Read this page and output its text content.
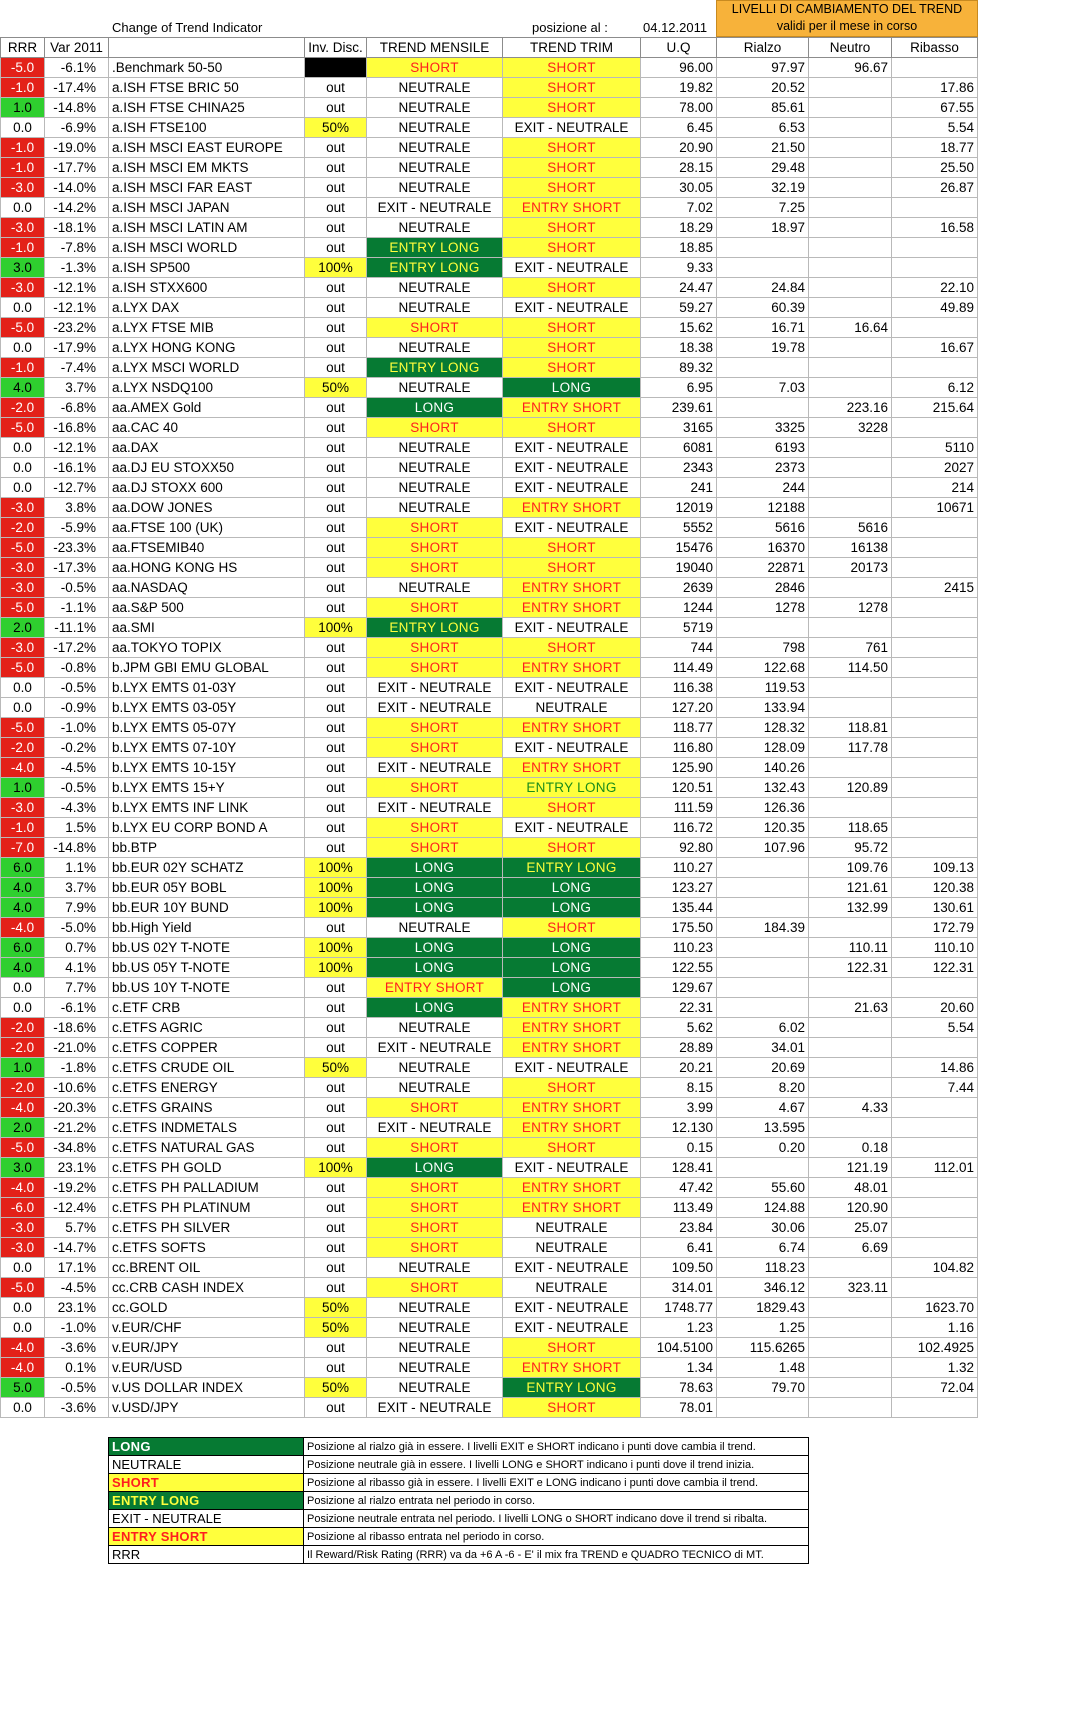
Change of Trend Indicator	posizione al :	04.12.2011
LIVELLI DI CAMBIAMENTO DEL TREND
validi per il mese in corso
RRR	Var 2011		Inv. Disc.	TREND MENSILE	TREND TRIM	U.Q	Rialzo	Neutro	Ribasso
-5.0	-6.1%	.Benchmark 50-50		SHORT	SHORT	96.00	97.97	96.67	
-1.0	-17.4%	a.ISH FTSE BRIC 50	out	NEUTRALE	SHORT	19.82	20.52		17.86
1.0	-14.8%	a.ISH FTSE CHINA25	out	NEUTRALE	SHORT	78.00	85.61		67.55
0.0	-6.9%	a.ISH FTSE100	50%	NEUTRALE	EXIT - NEUTRALE	6.45	6.53		5.54
-1.0	-19.0%	a.ISH MSCI EAST EUROPE	out	NEUTRALE	SHORT	20.90	21.50		18.77
-1.0	-17.7%	a.ISH MSCI EM MKTS	out	NEUTRALE	SHORT	28.15	29.48		25.50
-3.0	-14.0%	a.ISH MSCI FAR EAST	out	NEUTRALE	SHORT	30.05	32.19		26.87
0.0	-14.2%	a.ISH MSCI JAPAN	out	EXIT - NEUTRALE	ENTRY SHORT	7.02	7.25		
-3.0	-18.1%	a.ISH MSCI LATIN AM	out	NEUTRALE	SHORT	18.29	18.97		16.58
-1.0	-7.8%	a.ISH MSCI WORLD	out	ENTRY LONG	SHORT	18.85			
3.0	-1.3%	a.ISH SP500	100%	ENTRY LONG	EXIT - NEUTRALE	9.33			
-3.0	-12.1%	a.ISH STXX600	out	NEUTRALE	SHORT	24.47	24.84		22.10
0.0	-12.1%	a.LYX DAX	out	NEUTRALE	EXIT - NEUTRALE	59.27	60.39		49.89
-5.0	-23.2%	a.LYX FTSE MIB	out	SHORT	SHORT	15.62	16.71	16.64	
0.0	-17.9%	a.LYX HONG KONG	out	NEUTRALE	SHORT	18.38	19.78		16.67
-1.0	-7.4%	a.LYX MSCI WORLD	out	ENTRY LONG	SHORT	89.32			
4.0	3.7%	a.LYX NSDQ100	50%	NEUTRALE	LONG	6.95	7.03		6.12
-2.0	-6.8%	aa.AMEX Gold	out	LONG	ENTRY SHORT	239.61		223.16	215.64
-5.0	-16.8%	aa.CAC 40	out	SHORT	SHORT	3165	3325	3228	
0.0	-12.1%	aa.DAX	out	NEUTRALE	EXIT - NEUTRALE	6081	6193		5110
0.0	-16.1%	aa.DJ EU STOXX50	out	NEUTRALE	EXIT - NEUTRALE	2343	2373		2027
0.0	-12.7%	aa.DJ STOXX 600	out	NEUTRALE	EXIT - NEUTRALE	241	244		214
-3.0	3.8%	aa.DOW JONES	out	NEUTRALE	ENTRY SHORT	12019	12188		10671
-2.0	-5.9%	aa.FTSE 100 (UK)	out	SHORT	EXIT - NEUTRALE	5552	5616	5616	
-5.0	-23.3%	aa.FTSEMIB40	out	SHORT	SHORT	15476	16370	16138	
-3.0	-17.3%	aa.HONG KONG HS	out	SHORT	SHORT	19040	22871	20173	
-3.0	-0.5%	aa.NASDAQ	out	NEUTRALE	ENTRY SHORT	2639	2846		2415
-5.0	-1.1%	aa.S&P 500	out	SHORT	ENTRY SHORT	1244	1278	1278	
2.0	-11.1%	aa.SMI	100%	ENTRY LONG	EXIT - NEUTRALE	5719			
-3.0	-17.2%	aa.TOKYO TOPIX	out	SHORT	SHORT	744	798	761	
-5.0	-0.8%	b.JPM GBI EMU GLOBAL	out	SHORT	ENTRY SHORT	114.49	122.68	114.50	
0.0	-0.5%	b.LYX EMTS 01-03Y	out	EXIT - NEUTRALE	EXIT - NEUTRALE	116.38	119.53		
0.0	-0.9%	b.LYX EMTS 03-05Y	out	EXIT - NEUTRALE	NEUTRALE	127.20	133.94		
-5.0	-1.0%	b.LYX EMTS 05-07Y	out	SHORT	ENTRY SHORT	118.77	128.32	118.81	
-2.0	-0.2%	b.LYX EMTS 07-10Y	out	SHORT	EXIT - NEUTRALE	116.80	128.09	117.78	
-4.0	-4.5%	b.LYX EMTS 10-15Y	out	EXIT - NEUTRALE	ENTRY SHORT	125.90	140.26		
1.0	-0.5%	b.LYX EMTS 15+Y	out	SHORT	ENTRY LONG	120.51	132.43	120.89	
-3.0	-4.3%	b.LYX EMTS INF LINK	out	EXIT - NEUTRALE	SHORT	111.59	126.36		
-1.0	1.5%	b.LYX EU CORP BOND A	out	SHORT	EXIT - NEUTRALE	116.72	120.35	118.65	
-7.0	-14.8%	bb.BTP	out	SHORT	SHORT	92.80	107.96	95.72	
6.0	1.1%	bb.EUR 02Y SCHATZ	100%	LONG	ENTRY LONG	110.27		109.76	109.13
4.0	3.7%	bb.EUR 05Y BOBL	100%	LONG	LONG	123.27		121.61	120.38
4.0	7.9%	bb.EUR 10Y BUND	100%	LONG	LONG	135.44		132.99	130.61
-4.0	-5.0%	bb.High Yield	out	NEUTRALE	SHORT	175.50	184.39		172.79
6.0	0.7%	bb.US 02Y T-NOTE	100%	LONG	LONG	110.23		110.11	110.10
4.0	4.1%	bb.US 05Y T-NOTE	100%	LONG	LONG	122.55		122.31	122.31
0.0	7.7%	bb.US 10Y T-NOTE	out	ENTRY SHORT	LONG	129.67			
0.0	-6.1%	c.ETF CRB	out	LONG	ENTRY SHORT	22.31		21.63	20.60
-2.0	-18.6%	c.ETFS AGRIC	out	NEUTRALE	ENTRY SHORT	5.62	6.02		5.54
-2.0	-21.0%	c.ETFS COPPER	out	EXIT - NEUTRALE	ENTRY SHORT	28.89	34.01		
1.0	-1.8%	c.ETFS CRUDE OIL	50%	NEUTRALE	EXIT - NEUTRALE	20.21	20.69		14.86
-2.0	-10.6%	c.ETFS ENERGY	out	NEUTRALE	SHORT	8.15	8.20		7.44
-4.0	-20.3%	c.ETFS GRAINS	out	SHORT	ENTRY SHORT	3.99	4.67	4.33	
2.0	-21.2%	c.ETFS INDMETALS	out	EXIT - NEUTRALE	ENTRY SHORT	12.130	13.595		
-5.0	-34.8%	c.ETFS NATURAL GAS	out	SHORT	SHORT	0.15	0.20	0.18	
3.0	23.1%	c.ETFS PH GOLD	100%	LONG	EXIT - NEUTRALE	128.41		121.19	112.01
-4.0	-19.2%	c.ETFS PH PALLADIUM	out	SHORT	ENTRY SHORT	47.42	55.60	48.01	
-6.0	-12.4%	c.ETFS PH PLATINUM	out	SHORT	ENTRY SHORT	113.49	124.88	120.90	
-3.0	5.7%	c.ETFS PH SILVER	out	SHORT	NEUTRALE	23.84	30.06	25.07	
-3.0	-14.7%	c.ETFS SOFTS	out	SHORT	NEUTRALE	6.41	6.74	6.69	
0.0	17.1%	cc.BRENT OIL	out	NEUTRALE	EXIT - NEUTRALE	109.50	118.23		104.82
-5.0	-4.5%	cc.CRB CASH INDEX	out	SHORT	NEUTRALE	314.01	346.12	323.11	
0.0	23.1%	cc.GOLD	50%	NEUTRALE	EXIT - NEUTRALE	1748.77	1829.43		1623.70
0.0	-1.0%	v.EUR/CHF	50%	NEUTRALE	EXIT - NEUTRALE	1.23	1.25		1.16
-4.0	-3.6%	v.EUR/JPY	out	NEUTRALE	SHORT	104.5100	115.6265		102.4925
-4.0	0.1%	v.EUR/USD	out	NEUTRALE	ENTRY SHORT	1.34	1.48		1.32
5.0	-0.5%	v.US DOLLAR INDEX	50%	NEUTRALE	ENTRY LONG	78.63	79.70		72.04
0.0	-3.6%	v.USD/JPY	out	EXIT - NEUTRALE	SHORT	78.01			
LONG	Posizione al rialzo già in essere. I livelli EXIT e SHORT indicano i punti dove cambia il trend.
NEUTRALE	Posizione neutrale già in essere. I livelli LONG e SHORT indicano i punti dove il trend inizia.
SHORT	Posizione al ribasso già in essere. I livelli EXIT e LONG indicano i punti dove cambia il trend.
ENTRY LONG	Posizione al rialzo entrata nel periodo in corso.
EXIT - NEUTRALE	Posizione neutrale entrata nel periodo. I livelli LONG o SHORT indicano dove il trend si ribalta.
ENTRY SHORT	Posizione al ribasso entrata nel periodo in corso.
RRR	Il Reward/Risk Rating (RRR) va da +6 A -6 - E' il mix fra TREND e QUADRO TECNICO di MT.
